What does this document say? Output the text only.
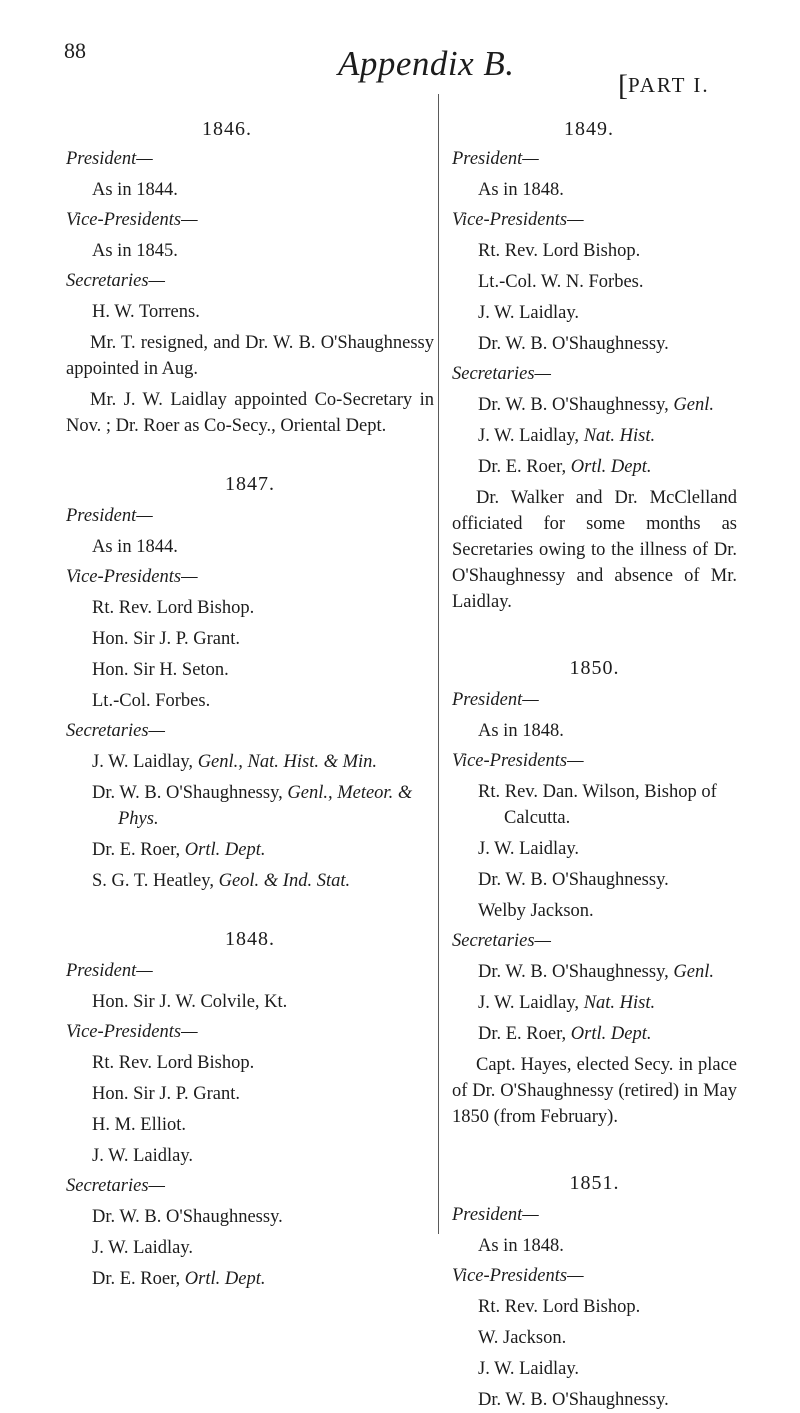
88	Appendix B.
[PART I.
1846.
President—
As in 1844.
Vice-Presidents—
As in 1845.
Secretaries—
H. W. Torrens.
Mr. T. resigned, and Dr. W. B. O'Shaughnessy appointed in Aug.
Mr. J. W. Laidlay appointed Co-Secretary in Nov. ; Dr. Roer as Co-Secy., Oriental Dept.
1847.
President—
As in 1844.
Vice-Presidents—
Rt. Rev. Lord Bishop.
Hon. Sir J. P. Grant.
Hon. Sir H. Seton.
Lt.-Col. Forbes.
Secretaries—
J. W. Laidlay, Genl., Nat. Hist. & Min.
Dr. W. B. O'Shaughnessy, Genl., Meteor. & Phys.
Dr. E. Roer, Ortl. Dept.
S. G. T. Heatley, Geol. & Ind. Stat.
1848.
President—
Hon. Sir J. W. Colvile, Kt.
Vice-Presidents—
Rt. Rev. Lord Bishop.
Hon. Sir J. P. Grant.
H. M. Elliot.
J. W. Laidlay.
Secretaries—
Dr. W. B. O'Shaughnessy.
J. W. Laidlay.
Dr. E. Roer, Ortl. Dept.
1849.
President—
As in 1848.
Vice-Presidents—
Rt. Rev. Lord Bishop.
Lt.-Col. W. N. Forbes.
J. W. Laidlay.
Dr. W. B. O'Shaughnessy.
Secretaries—
Dr. W. B. O'Shaughnessy, Genl.
J. W. Laidlay, Nat. Hist.
Dr. E. Roer, Ortl. Dept.
Dr. Walker and Dr. McClelland officiated for some months as Secretaries owing to the illness of Dr. O'Shaughnessy and absence of Mr. Laidlay.
1850.
President—
As in 1848.
Vice-Presidents—
Rt. Rev. Dan. Wilson, Bishop of Calcutta.
J. W. Laidlay.
Dr. W. B. O'Shaughnessy.
Welby Jackson.
Secretaries—
Dr. W. B. O'Shaughnessy, Genl.
J. W. Laidlay, Nat. Hist.
Dr. E. Roer, Ortl. Dept.
Capt. Hayes, elected Secy. in place of Dr. O'Shaughnessy (retired) in May 1850 (from February).
1851.
President—
As in 1848.
Vice-Presidents—
Rt. Rev. Lord Bishop.
W. Jackson.
J. W. Laidlay.
Dr. W. B. O'Shaughnessy.
